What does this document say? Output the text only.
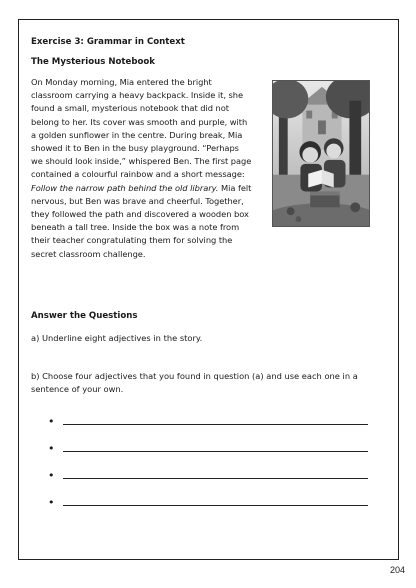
Exercise 3: Grammar in Context
The Mysterious Notebook

On Monday morning, Mia entered the bright classroom carrying a heavy backpack. Inside it, she found a small, mysterious notebook that did not belong to her. Its cover was smooth and purple, with a golden sunflower in the centre. During break, Mia showed it to Ben in the busy playground. “Perhaps we should look inside,” whispered Ben. The first page contained a colourful rainbow and a short message: Follow the narrow path behind the old library. Mia felt nervous, but Ben was brave and cheerful. Together, they followed the path and discovered a wooden box beneath a tall tree. Inside the box was a note from their teacher congratulating them for solving the secret classroom challenge.

Answer the Questions
a) Underline eight adjectives in the story.
b) Choose four adjectives that you found in question (a) and use each one in a sentence of your own.
•
•
•
•
204
